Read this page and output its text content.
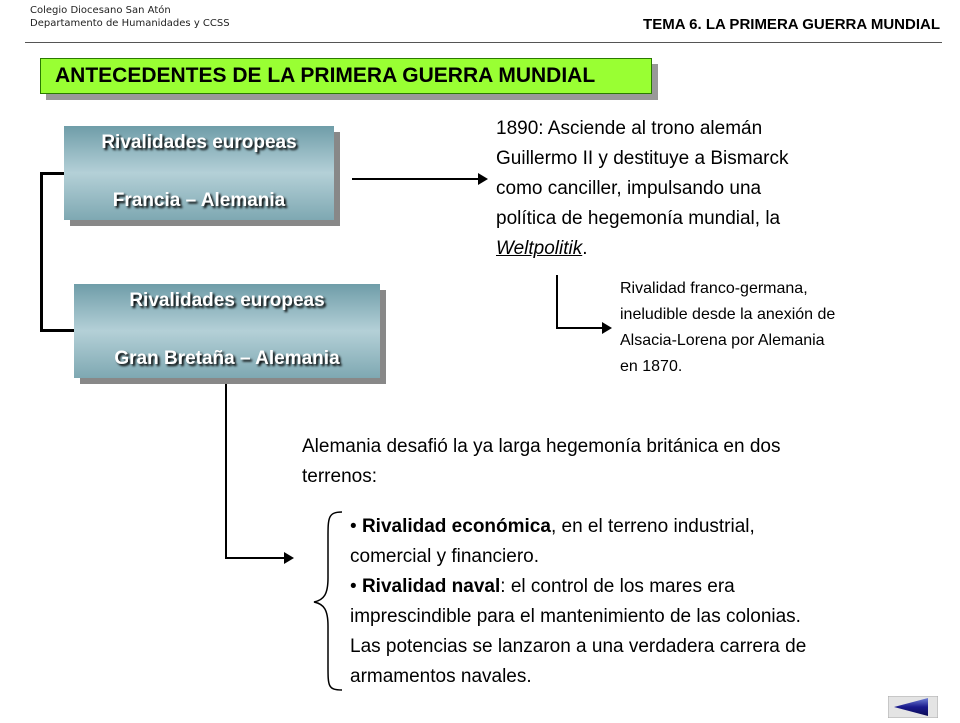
Colegio Diocesano San Atón
Departamento de Humanidades y CCSS	TEMA 6. LA PRIMERA GUERRA MUNDIAL
ANTECEDENTES DE LA PRIMERA GUERRA MUNDIAL
Rivalidades europeas
Francia – Alemania
Rivalidades europeas
Gran Bretaña – Alemania
1890: Asciende al trono alemán
Guillermo II y destituye a Bismarck
como canciller, impulsando una
política de hegemonía mundial, la
Weltpolitik.
Rivalidad franco-germana,
ineludible desde la anexión de
Alsacia-Lorena por Alemania
en 1870.
Alemania desafió la ya larga hegemonía británica en dos
terrenos:
• Rivalidad económica, en el terreno industrial,
comercial y financiero.
• Rivalidad naval: el control de los mares era
imprescindible para el mantenimiento de las colonias.
Las potencias se lanzaron a una verdadera carrera de
armamentos navales.
